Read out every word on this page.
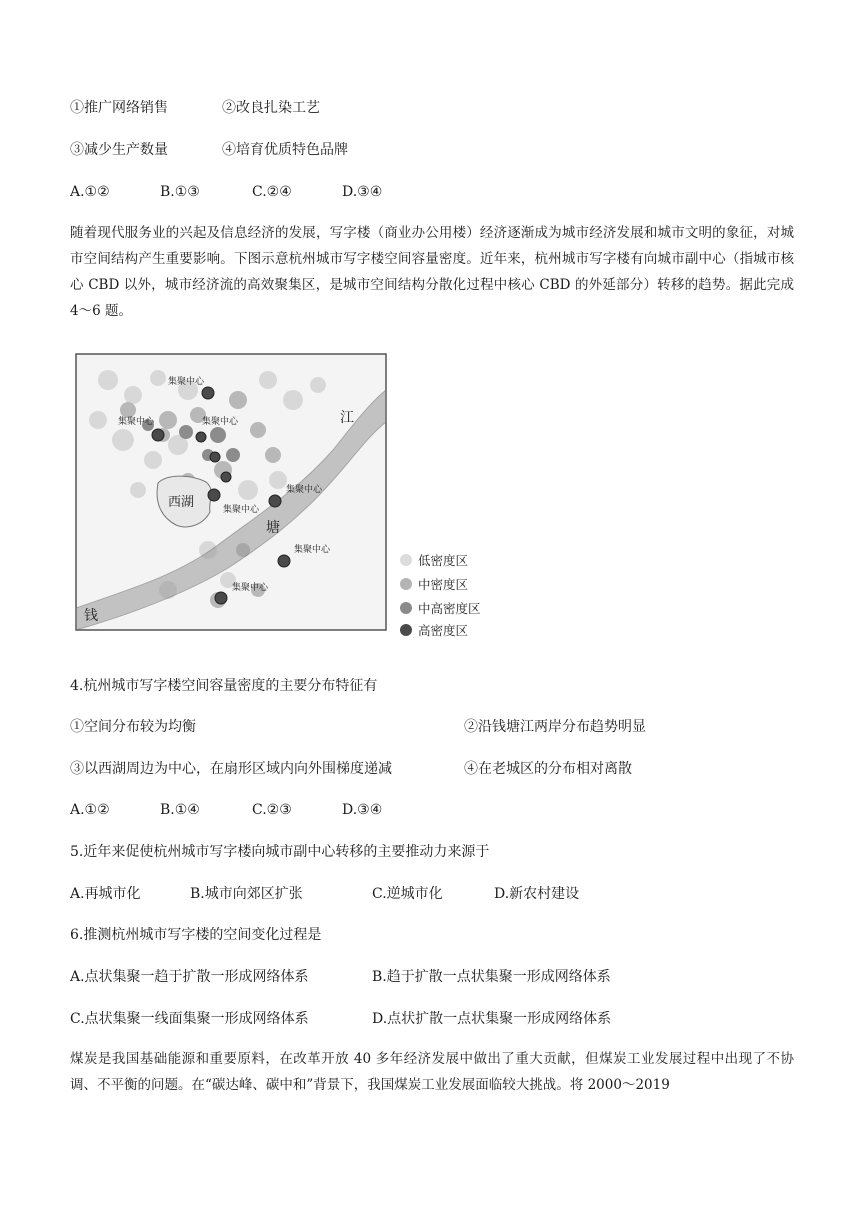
①推广网络销售	②改良扎染工艺
③减少生产数量	④培育优质特色品牌
A.①②	B.①③	C.②④	D.③④
随着现代服务业的兴起及信息经济的发展，写字楼（商业办公用楼）经济逐渐成为城市经济发展和城市文明的象征，对城市空间结构产生重要影响。下图示意杭州城市写字楼空间容量密度。近年来，杭州城市写字楼有向城市副中心（指城市核心 CBD 以外，城市经济流的高效聚集区，是城市空间结构分散化过程中核心 CBD 的外延部分）转移的趋势。据此完成 4～6 题。
西湖
江
塘
钱
集聚中心
集聚中心	集聚中心
集聚中心
集聚中心
集聚中心
集聚中心
低密度区
中密度区
中高密度区
高密度区
4.杭州城市写字楼空间容量密度的主要分布特征有
①空间分布较为均衡	②沿钱塘江两岸分布趋势明显
③以西湖周边为中心，在扇形区域内向外围梯度递减	④在老城区的分布相对离散
A.①②	B.①④	C.②③	D.③④
5.近年来促使杭州城市写字楼向城市副中心转移的主要推动力来源于
A.再城市化	B.城市向郊区扩张	C.逆城市化	D.新农村建设
6.推测杭州城市写字楼的空间变化过程是
A.点状集聚一趋于扩散一形成网络体系	B.趋于扩散一点状集聚一形成网络体系
C.点状集聚一线面集聚一形成网络体系	D.点状扩散一点状集聚一形成网络体系
煤炭是我国基础能源和重要原料，在改革开放 40 多年经济发展中做出了重大贡献，但煤炭工业发展过程中出现了不协调、不平衡的问题。在“碳达峰、碳中和”背景下，我国煤炭工业发展面临较大挑战。将 2000～2019
